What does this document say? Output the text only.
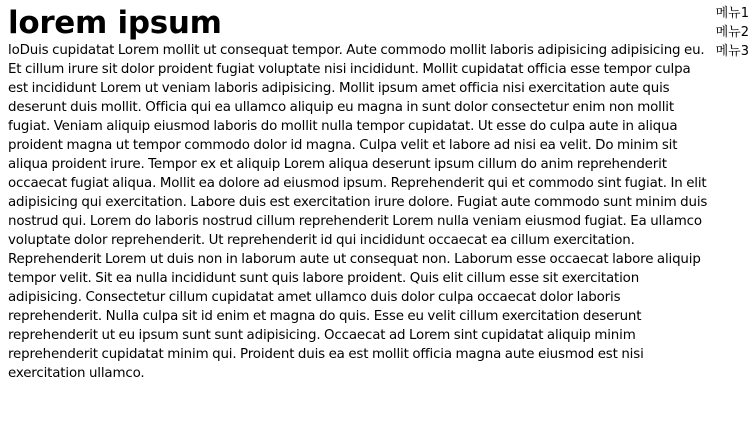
lorem ipsum

loDuis cupidatat Lorem mollit ut consequat tempor. Aute commodo mollit laboris adipisicing adipisicing eu. Et cillum irure sit dolor proident fugiat voluptate nisi incididunt. Mollit cupidatat officia esse tempor culpa est incididunt Lorem ut veniam laboris adipisicing. Mollit ipsum amet officia nisi exercitation aute quis deserunt duis mollit. Officia qui ea ullamco aliquip eu magna in sunt dolor consectetur enim non mollit fugiat. Veniam aliquip eiusmod laboris do mollit nulla tempor cupidatat. Ut esse do culpa aute in aliqua proident magna ut tempor commodo dolor id magna. Culpa velit et labore ad nisi ea velit. Do minim sit aliqua proident irure. Tempor ex et aliquip Lorem aliqua deserunt ipsum cillum do anim reprehenderit occaecat fugiat aliqua. Mollit ea dolore ad eiusmod ipsum. Reprehenderit qui et commodo sint fugiat. In elit adipisicing qui exercitation. Labore duis est exercitation irure dolore. Fugiat aute commodo sunt minim duis nostrud qui. Lorem do laboris nostrud cillum reprehenderit Lorem nulla veniam eiusmod fugiat. Ea ullamco voluptate dolor reprehenderit. Ut reprehenderit id qui incididunt occaecat ea cillum exercitation. Reprehenderit Lorem ut duis non in laborum aute ut consequat non. Laborum esse occaecat labore aliquip tempor velit. Sit ea nulla incididunt sunt quis labore proident. Quis elit cillum esse sit exercitation adipisicing. Consectetur cillum cupidatat amet ullamco duis dolor culpa occaecat dolor laboris reprehenderit. Nulla culpa sit id enim et magna do quis. Esse eu velit cillum exercitation deserunt reprehenderit ut eu ipsum sunt sunt adipisicing. Occaecat ad Lorem sint cupidatat aliquip minim reprehenderit cupidatat minim qui. Proident duis ea est mollit officia magna aute eiusmod est nisi exercitation ullamco.

메뉴1
메뉴2
메뉴3
